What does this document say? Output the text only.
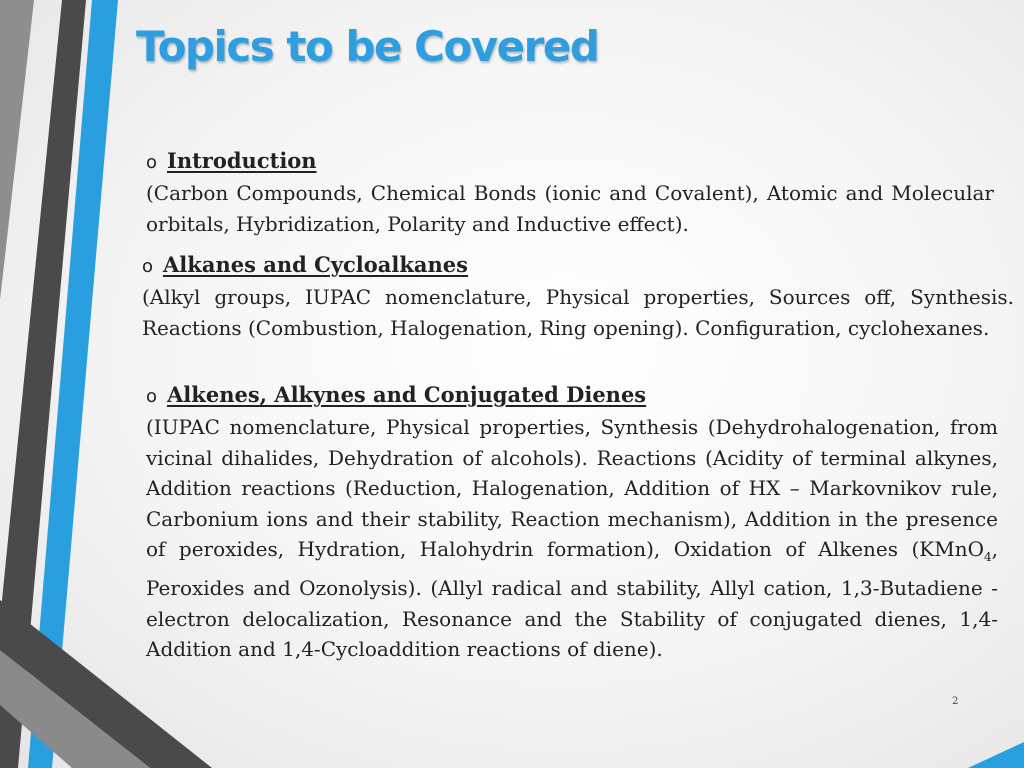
Topics to be Covered
o Introduction

(Carbon Compounds, Chemical Bonds (ionic and Covalent), Atomic and Molecular orbitals, Hybridization, Polarity and Inductive effect).

o Alkanes and Cycloalkanes

(Alkyl groups, IUPAC nomenclature, Physical properties, Sources off, Synthesis. Reactions (Combustion, Halogenation, Ring opening). Configuration, cyclohexanes.

o Alkenes, Alkynes and Conjugated Dienes

(IUPAC nomenclature, Physical properties, Synthesis (Dehydrohalogenation, from vicinal dihalides, Dehydration of alcohols). Reactions (Acidity of terminal alkynes, Addition reactions (Reduction, Halogenation, Addition of HX – Markovnikov rule, Carbonium ions and their stability, Reaction mechanism), Addition in the presence of peroxides, Hydration, Halohydrin formation), Oxidation of Alkenes (KMnO$_4$, Peroxides and Ozonolysis). (Allyl radical and stability, Allyl cation, 1,3-Butadiene - electron delocalization, Resonance and the Stability of conjugated dienes, 1,4-Addition and 1,4-Cycloaddition reactions of diene).

2
